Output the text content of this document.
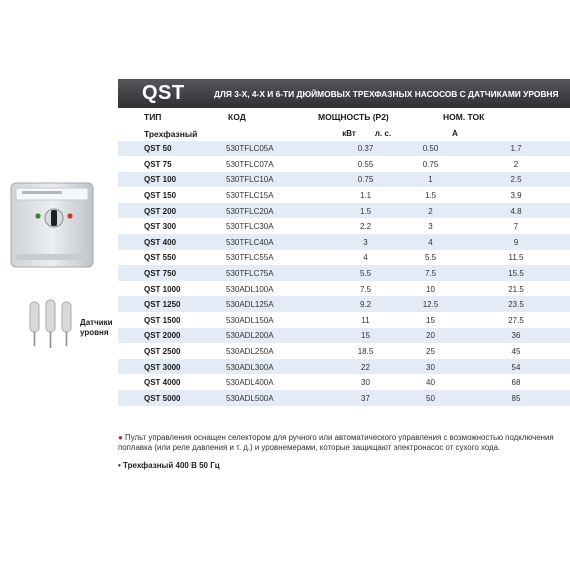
QST	ДЛЯ 3-Х, 4-Х И 6-ТИ ДЮЙМОВЫХ ТРЕХФАЗНЫХ НАСОСОВ С ДАТЧИКАМИ УРОВНЯ
ТИП	КОД	МОЩНОСТЬ (P2)	НОМ. ТОК
Трехфазный	кВт	л. с.	А
QST 50	530TFLC05A	0.37	0.50	1.7
QST 75	530TFLC07A	0.55	0.75	2
QST 100	530TFLC10A	0.75	1	2.5
QST 150	530TFLC15A	1.1	1.5	3.9
QST 200	530TFLC20A	1.5	2	4.8
QST 300	530TFLC30A	2.2	3	7
QST 400	530TFLC40A	3	4	9
QST 550	530TFLC55A	4	5.5	11.5
QST 750	530TFLC75A	5.5	7.5	15.5
QST 1000	530ADL100A	7.5	10	21.5
QST 1250	530ADL125A	9.2	12.5	23.5
QST 1500	530ADL150A	11	15	27.5
QST 2000	530ADL200A	15	20	36
QST 2500	530ADL250A	18.5	25	45
QST 3000	530ADL300A	22	30	54
QST 4000	530ADL400A	30	40	68
QST 5000	530ADL500A	37	50	85
Датчики
уровня
● Пульт управления оснащен селектором для ручного или автоматического управления с возможностью подключения поплавка (или реле давления и т. д.) и уровнемерами, которые защищают электронасос от сухого хода.
• Трехфазный 400 В 50 Гц
